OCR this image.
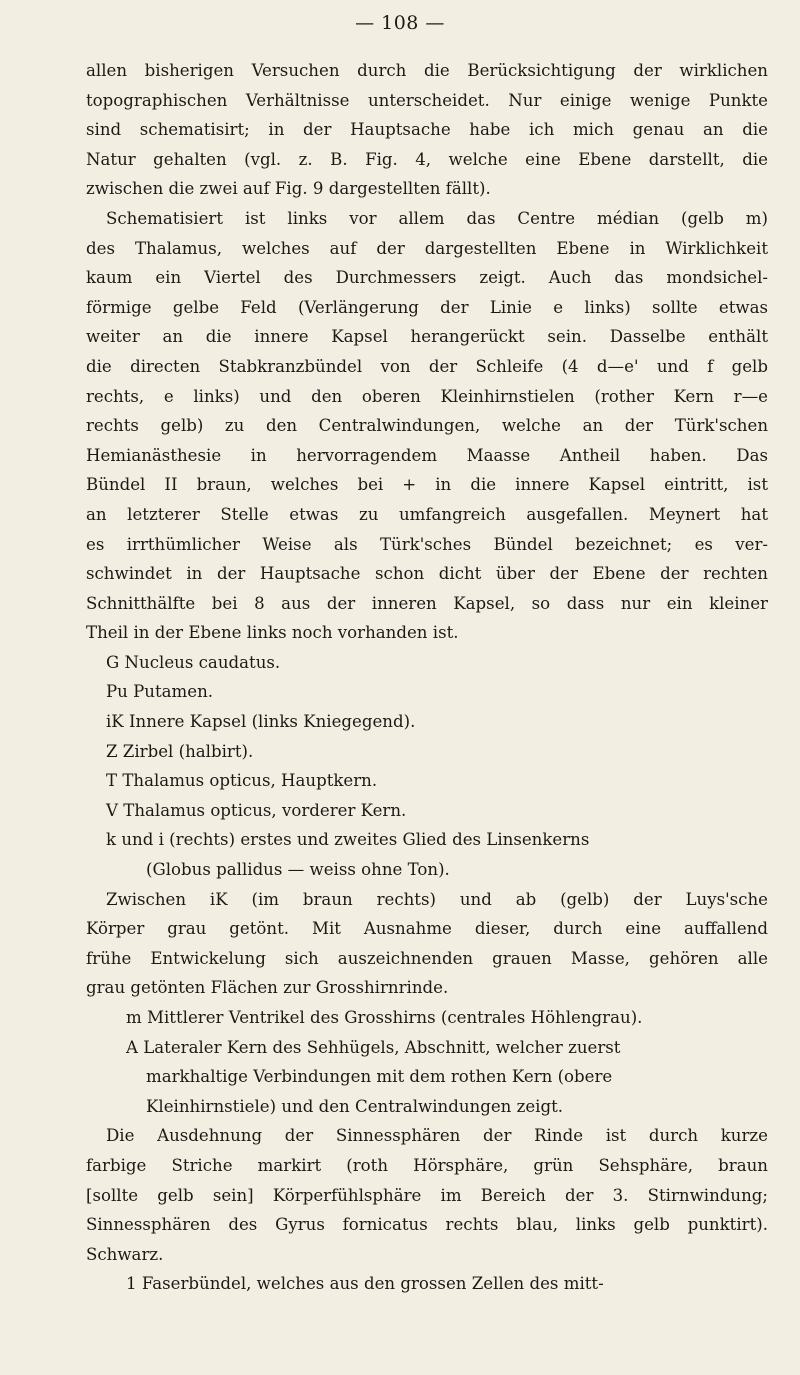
— 108 —
allen bisherigen Versuchen durch die Berücksichtigung der wirklichen
topographischen Verhältnisse unterscheidet. Nur einige wenige Punkte
sind schematisirt; in der Hauptsache habe ich mich genau an die
Natur gehalten (vgl. z. B. Fig. 4, welche eine Ebene darstellt, die
zwischen die zwei auf Fig. 9 dargestellten fällt).
Schematisiert ist links vor allem das Centre médian (gelb m)
des Thalamus, welches auf der dargestellten Ebene in Wirklichkeit
kaum ein Viertel des Durchmessers zeigt. Auch das mondsichel-
förmige gelbe Feld (Verlängerung der Linie e links) sollte etwas
weiter an die innere Kapsel herangerückt sein. Dasselbe enthält
die directen Stabkranzbündel von der Schleife (4 d—e' und f gelb
rechts, e links) und den oberen Kleinhirnstielen (rother Kern r—e
rechts gelb) zu den Centralwindungen, welche an der Türk'schen
Hemianästhesie in hervorragendem Maasse Antheil haben. Das
Bündel II braun, welches bei + in die innere Kapsel eintritt, ist
an letzterer Stelle etwas zu umfangreich ausgefallen. Meynert hat
es irrthümlicher Weise als Türk'sches Bündel bezeichnet; es ver-
schwindet in der Hauptsache schon dicht über der Ebene der rechten
Schnitthälfte bei 8 aus der inneren Kapsel, so dass nur ein kleiner
Theil in der Ebene links noch vorhanden ist.
G Nucleus caudatus.
Pu Putamen.
iK Innere Kapsel (links Kniegegend).
Z Zirbel (halbirt).
T Thalamus opticus, Hauptkern.
V Thalamus opticus, vorderer Kern.
k und i (rechts) erstes und zweites Glied des Linsenkerns
(Globus pallidus — weiss ohne Ton).
Zwischen iK (im braun rechts) und ab (gelb) der Luys'sche
Körper grau getönt. Mit Ausnahme dieser, durch eine auffallend
frühe Entwickelung sich auszeichnenden grauen Masse, gehören alle
grau getönten Flächen zur Grosshirnrinde.
m Mittlerer Ventrikel des Grosshirns (centrales Höhlengrau).
A Lateraler Kern des Sehhügels, Abschnitt, welcher zuerst
markhaltige Verbindungen mit dem rothen Kern (obere
Kleinhirnstiele) und den Centralwindungen zeigt.
Die Ausdehnung der Sinnessphären der Rinde ist durch kurze
farbige Striche markirt (roth Hörsphäre, grün Sehsphäre, braun
[sollte gelb sein] Körperfühlsphäre im Bereich der 3. Stirnwindung;
Sinnessphären des Gyrus fornicatus rechts blau, links gelb punktirt).
Schwarz.
1 Faserbündel, welches aus den grossen Zellen des mitt-
